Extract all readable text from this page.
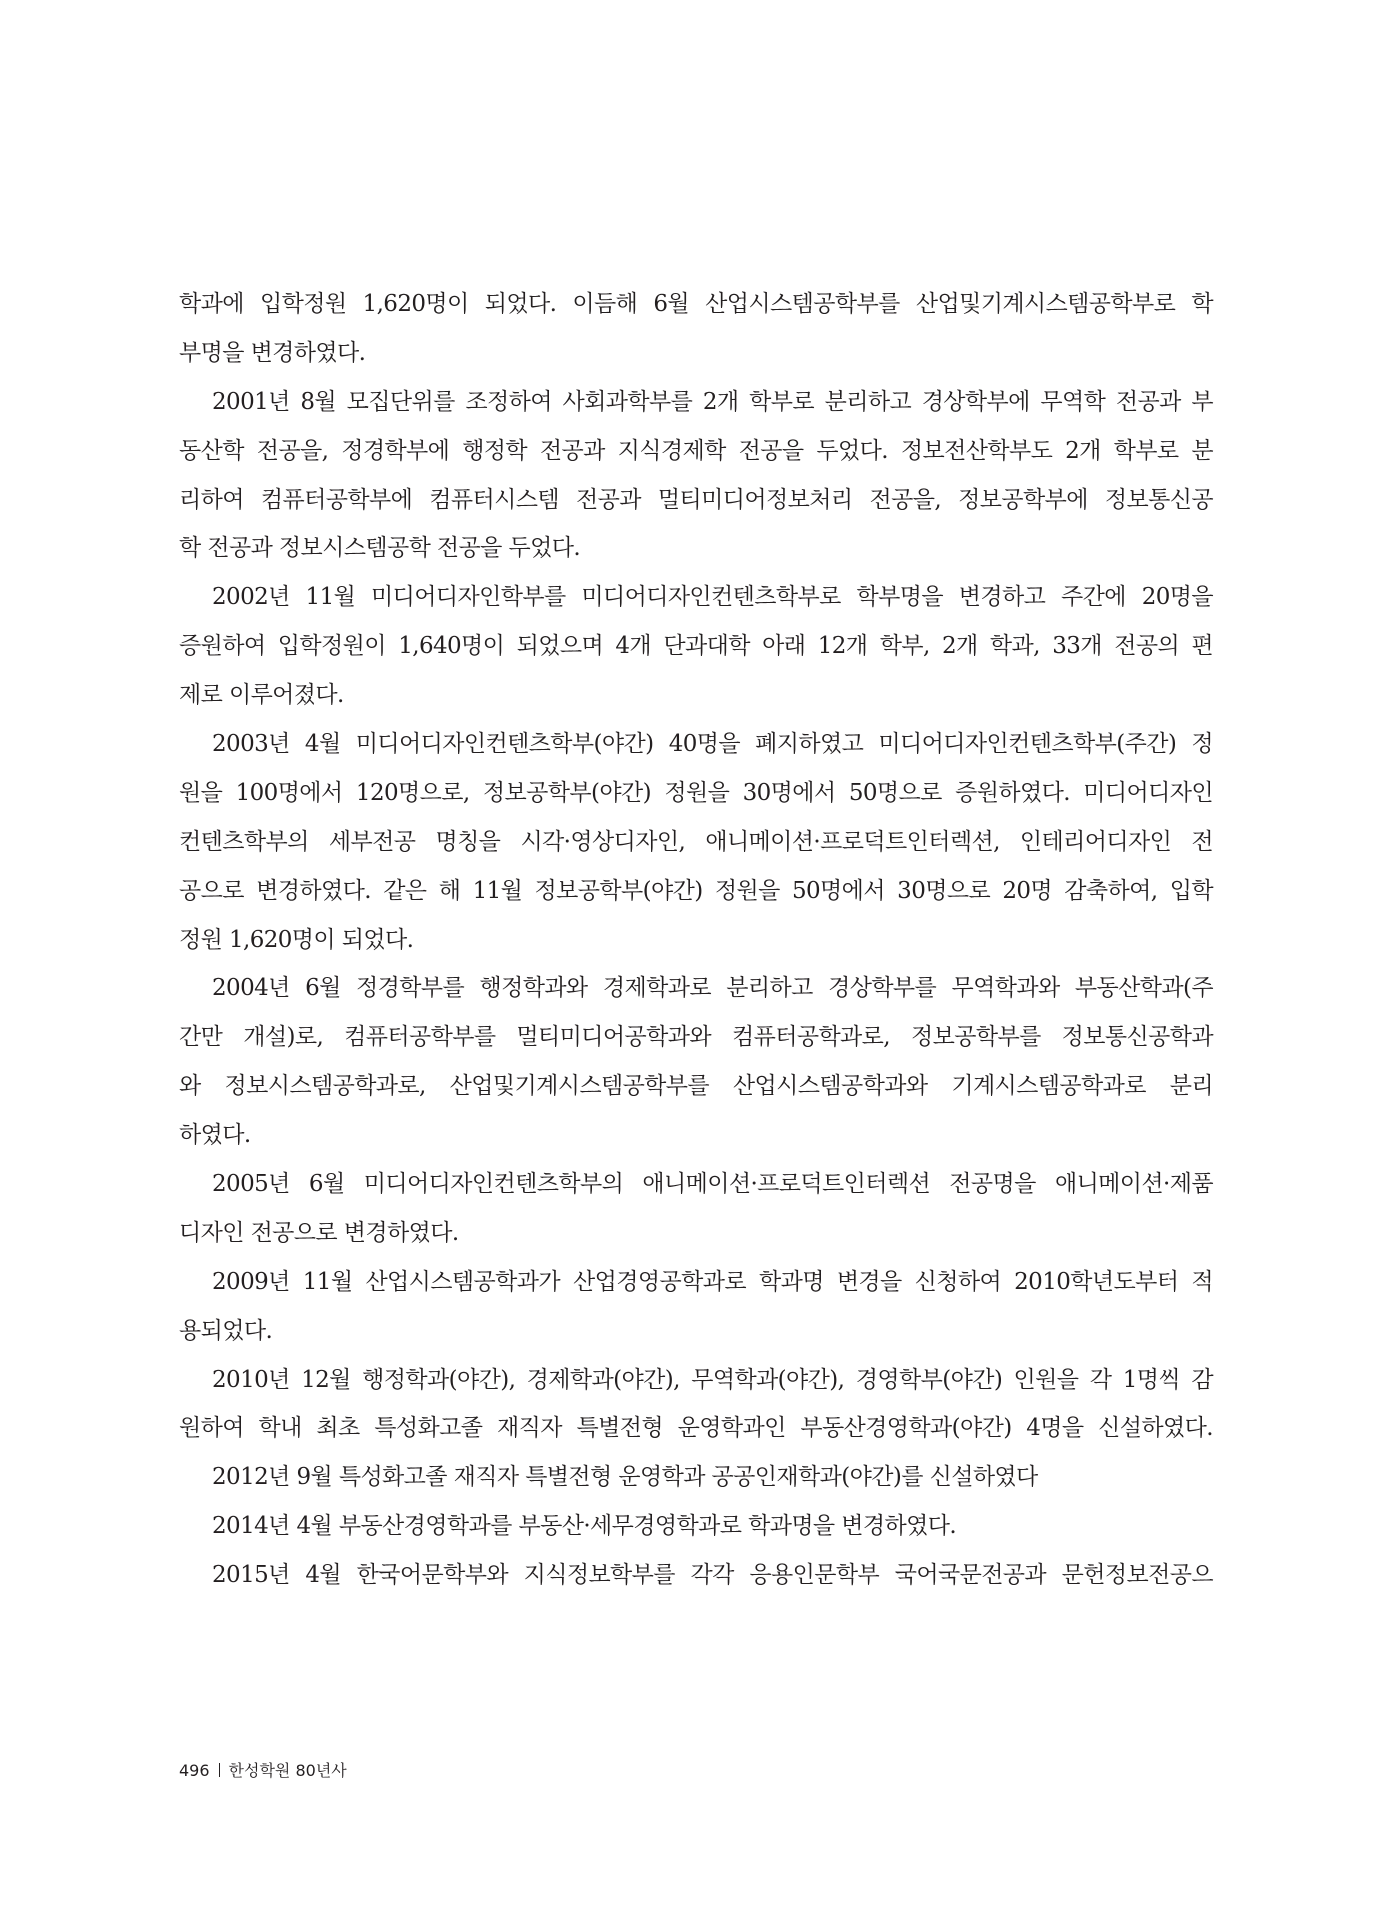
학과에 입학정원 1,620명이 되었다. 이듬해 6월 산업시스템공학부를 산업및기계시스템공학부로 학
부명을 변경하였다.
2001년 8월 모집단위를 조정하여 사회과학부를 2개 학부로 분리하고 경상학부에 무역학 전공과 부
동산학 전공을, 정경학부에 행정학 전공과 지식경제학 전공을 두었다. 정보전산학부도 2개 학부로 분
리하여 컴퓨터공학부에 컴퓨터시스템 전공과 멀티미디어정보처리 전공을, 정보공학부에 정보통신공
학 전공과 정보시스템공학 전공을 두었다.
2002년 11월 미디어디자인학부를 미디어디자인컨텐츠학부로 학부명을 변경하고 주간에 20명을
증원하여 입학정원이 1,640명이 되었으며 4개 단과대학 아래 12개 학부, 2개 학과, 33개 전공의 편
제로 이루어졌다.
2003년 4월 미디어디자인컨텐츠학부(야간) 40명을 폐지하였고 미디어디자인컨텐츠학부(주간) 정
원을 100명에서 120명으로, 정보공학부(야간) 정원을 30명에서 50명으로 증원하였다. 미디어디자인
컨텐츠학부의 세부전공 명칭을 시각·영상디자인, 애니메이션·프로덕트인터렉션, 인테리어디자인 전
공으로 변경하였다. 같은 해 11월 정보공학부(야간) 정원을 50명에서 30명으로 20명 감축하여, 입학
정원 1,620명이 되었다.
2004년 6월 정경학부를 행정학과와 경제학과로 분리하고 경상학부를 무역학과와 부동산학과(주
간만 개설)로, 컴퓨터공학부를 멀티미디어공학과와 컴퓨터공학과로, 정보공학부를 정보통신공학과
와 정보시스템공학과로, 산업및기계시스템공학부를 산업시스템공학과와 기계시스템공학과로 분리
하였다.
2005년 6월 미디어디자인컨텐츠학부의 애니메이션·프로덕트인터렉션 전공명을 애니메이션·제품
디자인 전공으로 변경하였다.
2009년 11월 산업시스템공학과가 산업경영공학과로 학과명 변경을 신청하여 2010학년도부터 적
용되었다.
2010년 12월 행정학과(야간), 경제학과(야간), 무역학과(야간), 경영학부(야간) 인원을 각 1명씩 감
원하여 학내 최초 특성화고졸 재직자 특별전형 운영학과인 부동산경영학과(야간) 4명을 신설하였다.
2012년 9월 특성화고졸 재직자 특별전형 운영학과 공공인재학과(야간)를 신설하였다
2014년 4월 부동산경영학과를 부동산·세무경영학과로 학과명을 변경하였다.
2015년 4월 한국어문학부와 지식정보학부를 각각 응용인문학부 국어국문전공과 문헌정보전공으
496 한성학원 80년사
